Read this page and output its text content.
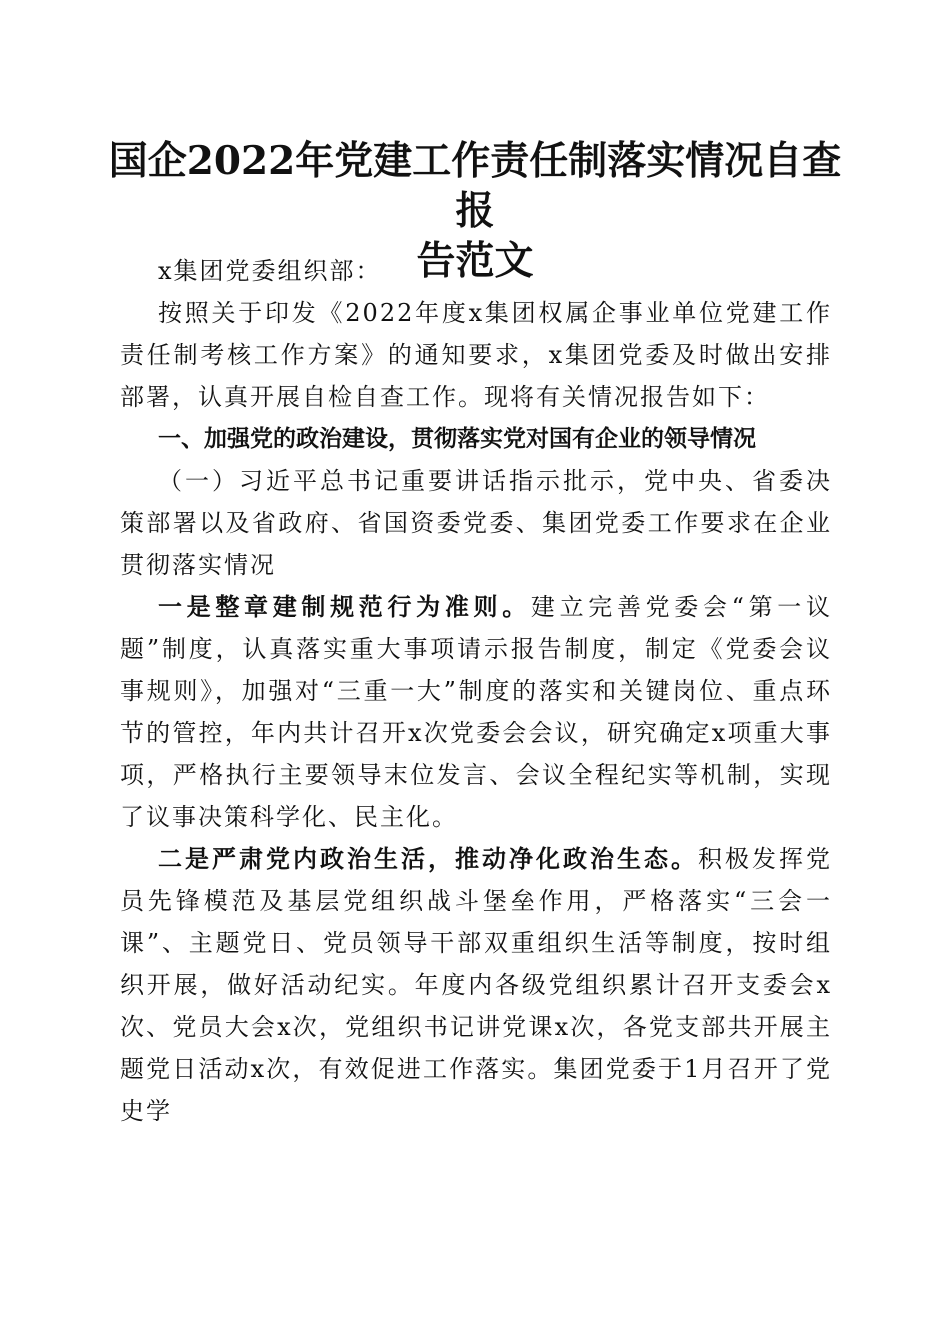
国企2022年党建工作责任制落实情况自查报
告范文

x集团党委组织部：

按照关于印发《2022年度x集团权属企事业单位党建工作责任制考核工作方案》的通知要求，x集团党委及时做出安排部署，认真开展自检自查工作。现将有关情况报告如下：

一、加强党的政治建设，贯彻落实党对国有企业的领导情况

（一）习近平总书记重要讲话指示批示，党中央、省委决策部署以及省政府、省国资委党委、集团党委工作要求在企业贯彻落实情况

一是整章建制规范行为准则。建立完善党委会“第一议题”制度，认真落实重大事项请示报告制度，制定《党委会议事规则》，加强对“三重一大”制度的落实和关键岗位、重点环节的管控，年内共计召开x次党委会会议，研究确定x项重大事项，严格执行主要领导末位发言、会议全程纪实等机制，实现了议事决策科学化、民主化。

二是严肃党内政治生活，推动净化政治生态。积极发挥党员先锋模范及基层党组织战斗堡垒作用，严格落实“三会一课”、主题党日、党员领导干部双重组织生活等制度，按时组织开展，做好活动纪实。年度内各级党组织累计召开支委会x次、党员大会x次，党组织书记讲党课x次，各党支部共开展主题党日活动x次，有效促进工作落实。集团党委于1月召开了党史学
